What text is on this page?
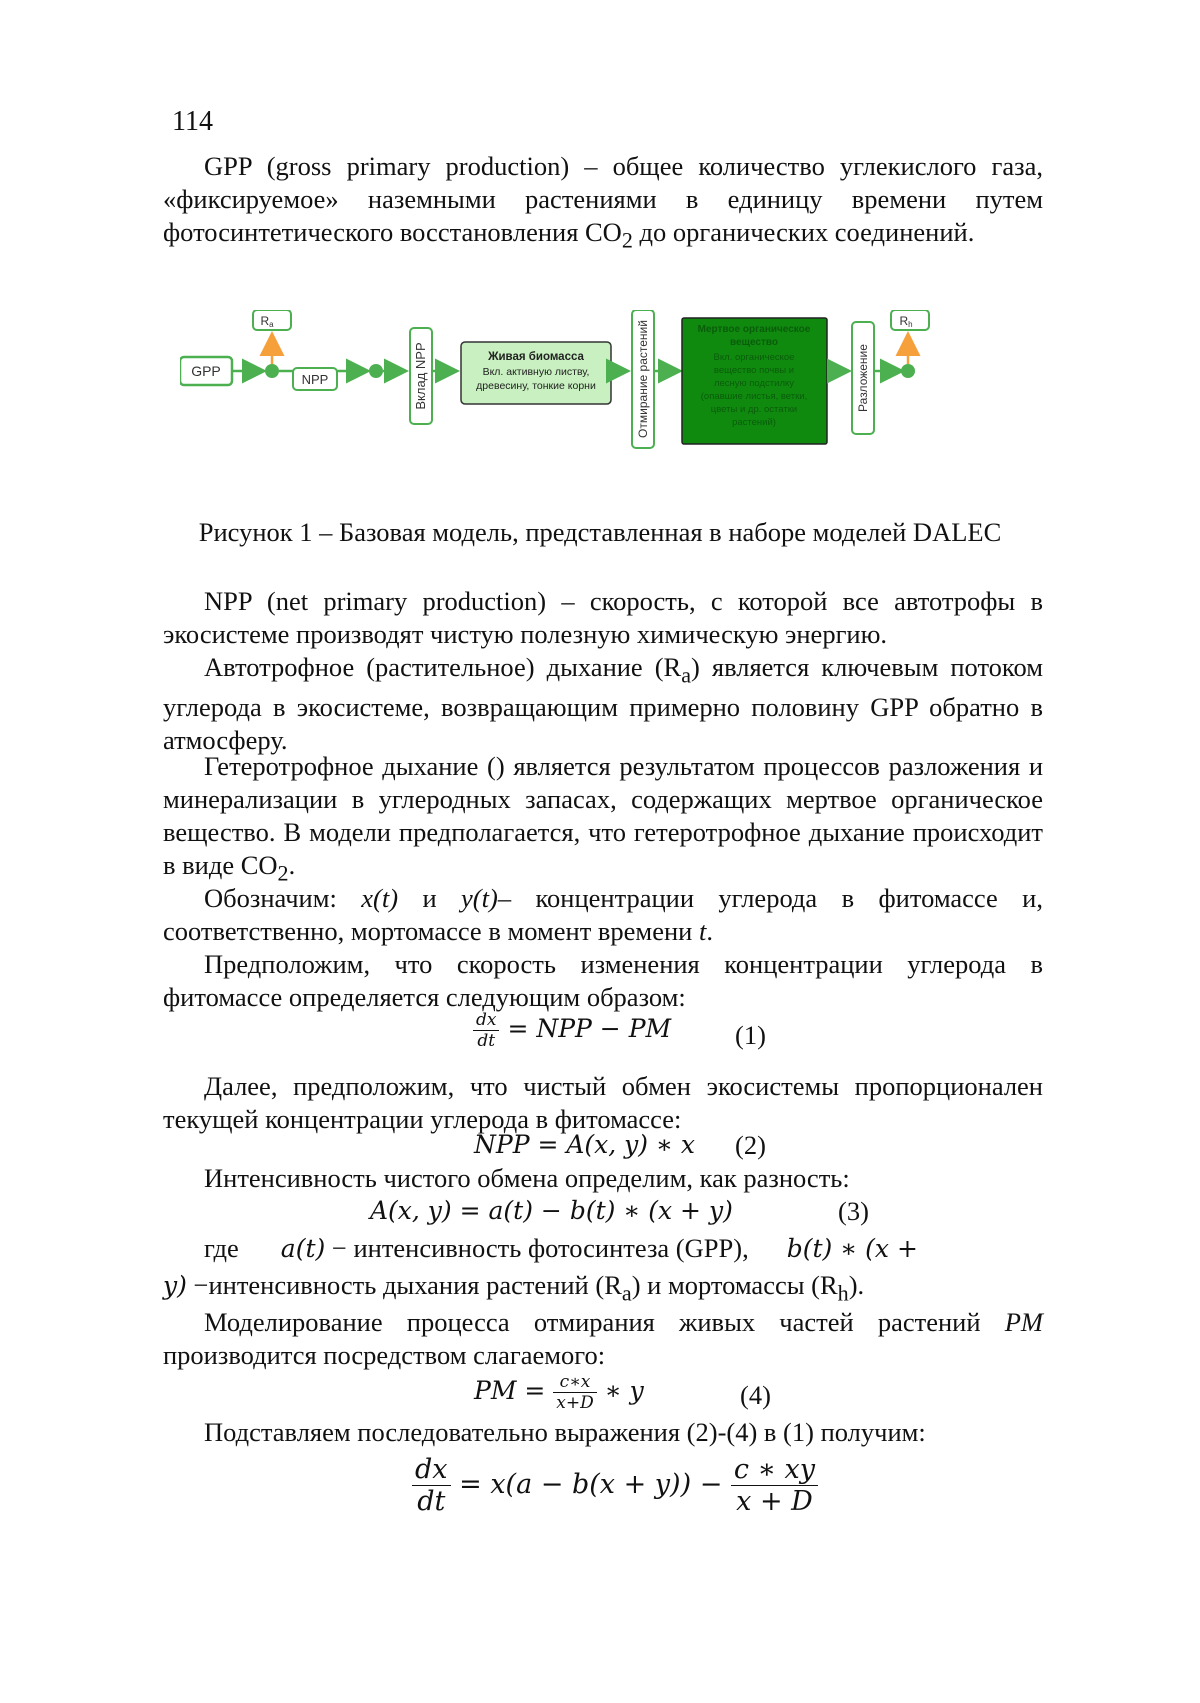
114
GPP (gross primary production) – общее количество углекислого газа, «фиксируемое» наземными растениями в единицу времени путем фотосинтетического восстановления $CO_2$ до органических соединений.
GPP
Ra
NPP	Вклад NPP	Живая биомасса
Вкл. активную листву,
древесину, тонкие корни	Отмирание растений	Мертвое органическое
вещество
Вкл. органическое
вещество почвы и
лесную подстилку
(опавшие листья, ветки,
цветы и др. остатки
растений)
Разложение
Rh
Рисунок 1 – Базовая модель, представленная в наборе моделей DALEC
NPP (net primary production) – скорость, с которой все автотрофы в экосистеме производят чистую полезную химическую энергию.
Автотрофное (растительное) дыхание $(R_a)$ является ключевым потоком углерода в экосистеме, возвращающим примерно половину GPP обратно в атмосферу.
Гетеротрофное дыхание () является результатом процессов разложения и минерализации в углеродных запасах, содержащих мертвое органическое вещество. В модели предполагается, что гетеротрофное дыхание происходит в виде $CO_2$.
Обозначим: x(t) и y(t)– концентрации углерода в фитомассе и, соответственно, мортомассе в момент времени t.
Предположим, что скорость изменения концентрации углерода в фитомассе определяется следующим образом:
$\frac{dx}{dt}$ = NPP − PM (1)
Далее, предположим, что чистый обмен экосистемы пропорционален текущей концентрации углерода в фитомассе:
NPP = A(x, y) ∗ x (2)
Интенсивность чистого обмена определим, как разность:
A(x, y) = a(t) − b(t) ∗ (x + y)	(3)
где a(t) − интенсивность фотосинтеза (GPP), b(t) ∗ (x +
y) −интенсивность дыхания растений $(R_a)$ и мортомассы $(R_h)$.
Моделирование процесса отмирания живых частей растений PM производится посредством слагаемого:
PM = $\frac{c∗x}{x+D}$ ∗ y	(4)
Подставляем последовательно выражения (2)-(4) в (1) получим:
$\frac{dx}{dt} = x(a - b(x + y)) - \frac{c ∗ xy}{x + D}$
